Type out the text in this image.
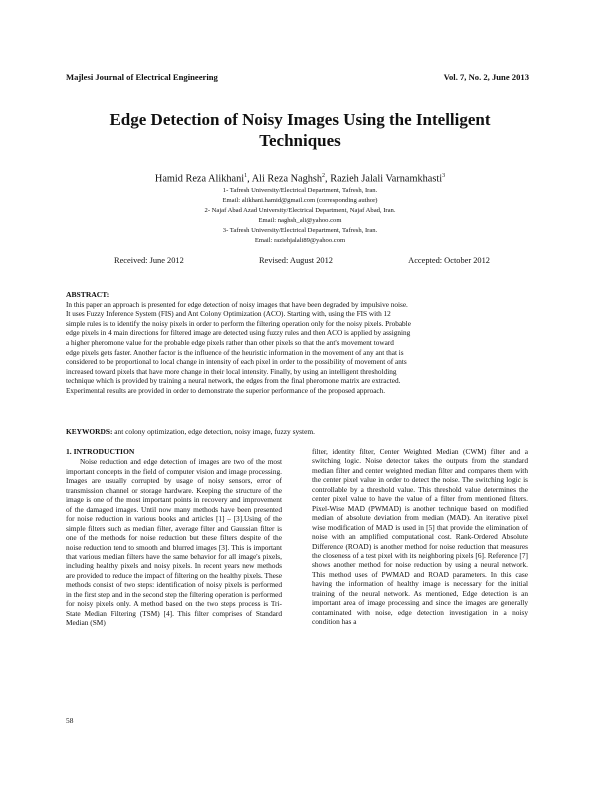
Majlesi Journal of Electrical Engineering	Vol. 7, No. 2, June 2013
Edge Detection of Noisy Images Using the Intelligent
Techniques
Hamid Reza Alikhani$^1$, Ali Reza Naghsh$^2$, Razieh Jalali Varnamkhasti$^3$
1- Tafresh University/Electrical Department, Tafresh, Iran.
Email: alikhani.hamid@gmail.com (corresponding author)
2- Najaf Abad Azad University/Electrical Department, Najaf Abad, Iran.
Email: naghsh_ali@yahoo.com
3- Tafresh University/Electrical Department, Tafresh, Iran.
Email: raziehjalali89@yahoo.com
Received: June 2012	Revised: August 2012	Accepted: October 2012
ABSTRACT:
In this paper an approach is presented for edge detection of noisy images that have been degraded by impulsive noise.
It uses Fuzzy Inference System (FIS) and Ant Colony Optimization (ACO). Starting with, using the FIS with 12
simple rules is to identify the noisy pixels in order to perform the filtering operation only for the noisy pixels. Probable
edge pixels in 4 main directions for filtered image are detected using fuzzy rules and then ACO is applied by assigning
a higher pheromone value for the probable edge pixels rather than other pixels so that the ant's movement toward
edge pixels gets faster. Another factor is the influence of the heuristic information in the movement of any ant that is
considered to be proportional to local change in intensity of each pixel in order to the possibility of movement of ants
increased toward pixels that have more change in their local intensity. Finally, by using an intelligent thresholding
technique which is provided by training a neural network, the edges from the final pheromone matrix are extracted.
Experimental results are provided in order to demonstrate the superior performance of the proposed approach.
KEYWORDS: ant colony optimization, edge detection, noisy image, fuzzy system.

1. INTRODUCTION

Noise reduction and edge detection of images are two of the most important concepts in the field of computer vision and image processing. Images are usually corrupted by usage of noisy sensors, error of transmission channel or storage hardware. Keeping the structure of the image is one of the most important points in recovery and improvement of the damaged images. Until now many methods have been presented for noise reduction in various books and articles [1] – [3].Using of the simple filters such as median filter, average filter and Gaussian filter is one of the methods for noise reduction but these filters despite of the noise reduction tend to smooth and blurred images [3]. This is important that various median filters have the same behavior for all image's pixels, including healthy pixels and noisy pixels. In recent years new methods are provided to reduce the impact of filtering on the healthy pixels. These methods consist of two steps: identification of noisy pixels is performed in the first step and in the second step the filtering operation is performed for noisy pixels only. A method based on the two steps process is Tri-State Median Filtering (TSM) [4]. This filter comprises of Standard Median (SM)

filter, identity filter, Center Weighted Median (CWM) filter and a switching logic. Noise detector takes the outputs from the standard median filter and center weighted median filter and compares them with the center pixel value in order to detect the noise. The switching logic is controllable by a threshold value. This threshold value determines the center pixel value to have the value of a filter from mentioned filters. Pixel-Wise MAD (PWMAD) is another technique based on modified median of absolute deviation from median (MAD). An iterative pixel wise modification of MAD is used in [5] that provide the elimination of noise with an amplified computational cost. Rank-Ordered Absolute Difference (ROAD) is another method for noise reduction that measures the closeness of a test pixel with its neighboring pixels [6]. Reference [7] shows another method for noise reduction by using a neural network. This method uses of PWMAD and ROAD parameters. In this case having the information of healthy image is necessary for the initial training of the neural network. As mentioned, Edge detection is an important area of image processing and since the images are generally contaminated with noise, edge detection investigation in a noisy condition has a

58
